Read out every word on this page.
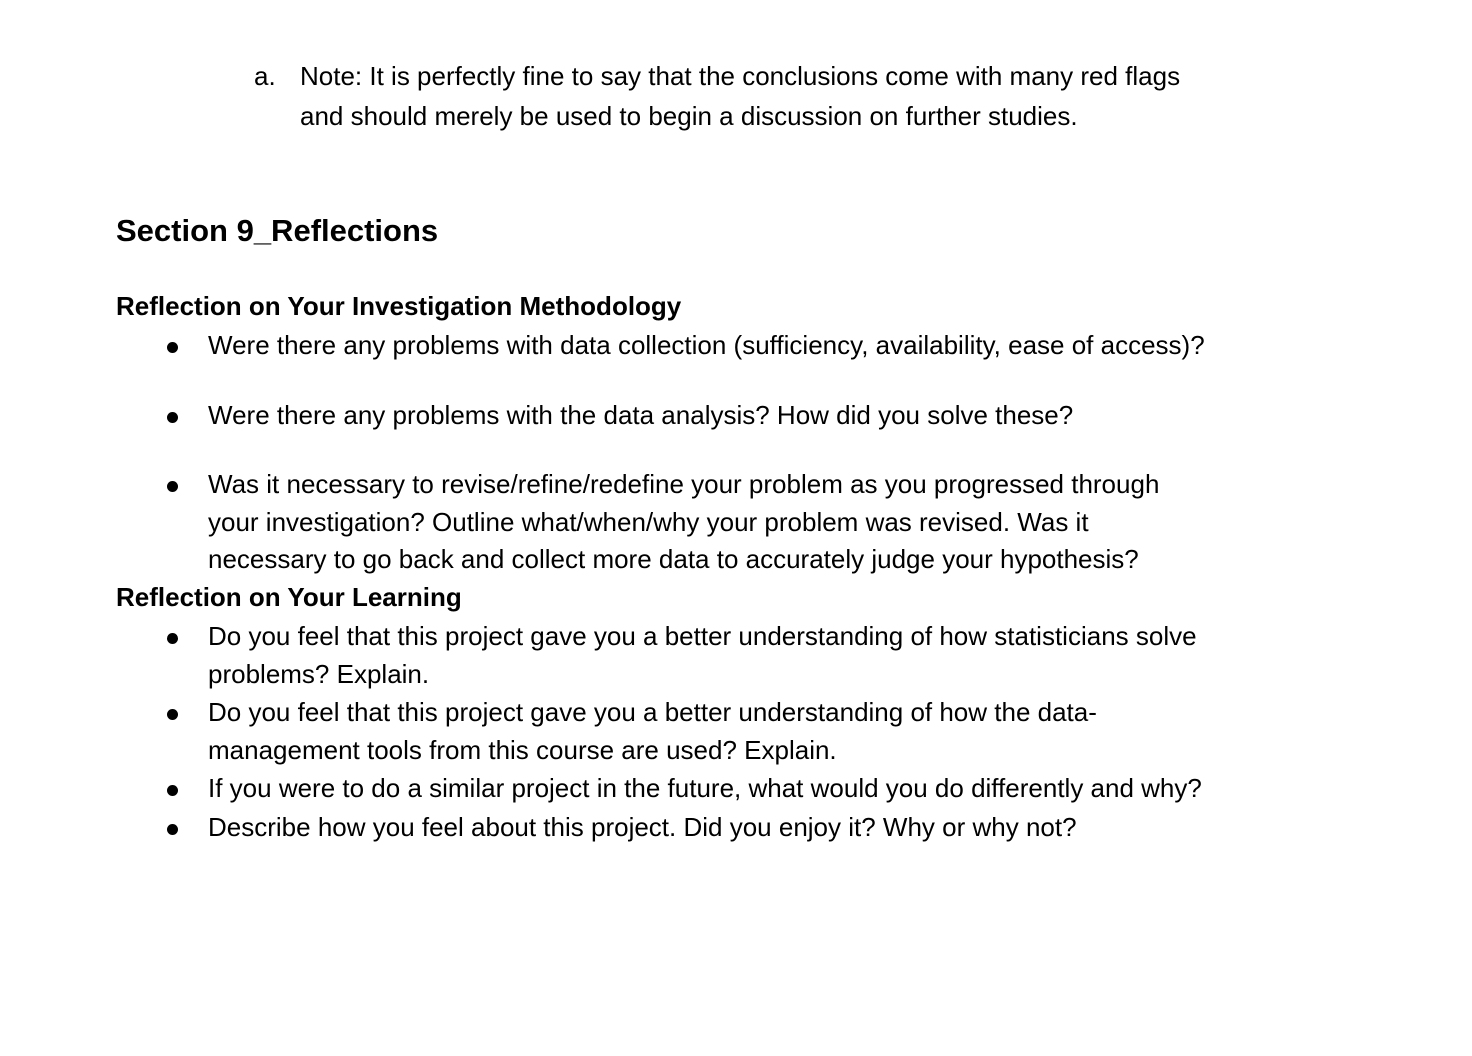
a. Note: It is perfectly fine to say that the conclusions come with many red flags
and should merely be used to begin a discussion on further studies.
Section 9_Reflections
Reflection on Your Investigation Methodology
Were there any problems with data collection (sufficiency, availability, ease of access)?
Were there any problems with the data analysis? How did you solve these?
Was it necessary to revise/refine/redefine your problem as you progressed through
your investigation? Outline what/when/why your problem was revised. Was it
necessary to go back and collect more data to accurately judge your hypothesis?
Reflection on Your Learning
Do you feel that this project gave you a better understanding of how statisticians solve
problems? Explain.
Do you feel that this project gave you a better understanding of how the data-
management tools from this course are used? Explain.
If you were to do a similar project in the future, what would you do differently and why?
Describe how you feel about this project. Did you enjoy it? Why or why not?
